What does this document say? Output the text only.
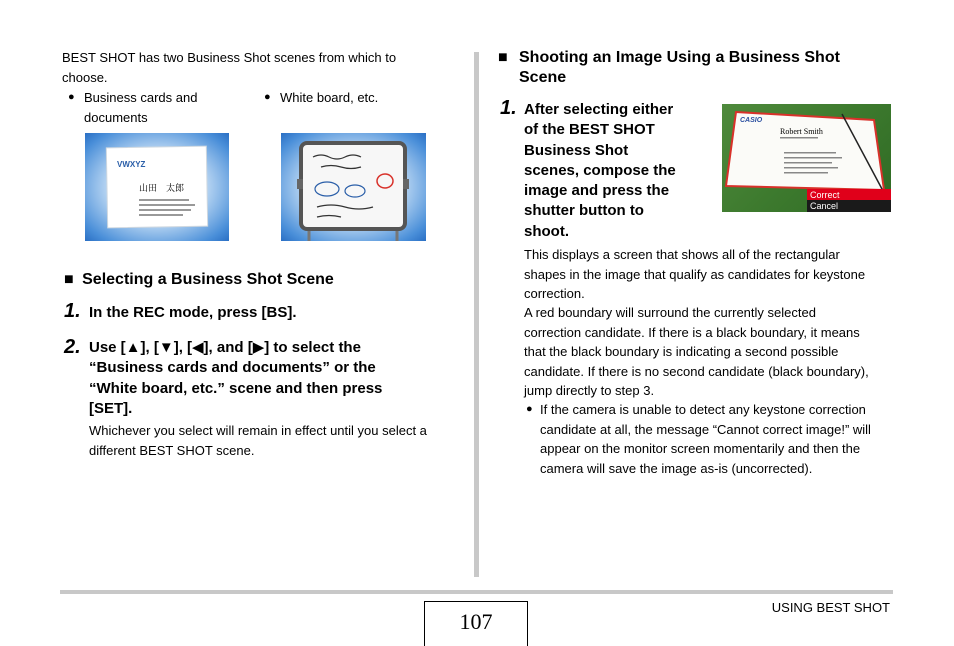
BEST SHOT has two Business Shot scenes from which to
choose.
● Business cards and
documents
● White board, etc.
VWXYZ
山田　太郎
■ Selecting a Business Shot Scene
1. In the REC mode, press [BS].
2. Use [▲], [▼], [◀], and [▶] to select the
“Business cards and documents” or the
“White board, etc.” scene and then press
[SET].
Whichever you select will remain in effect until you select a
different BEST SHOT scene.
■ Shooting an Image Using a Business Shot
Scene
1. After selecting either
of the BEST SHOT
Business Shot
scenes, compose the
image and press the
shutter button to
shoot.
CASIO
Robert Smith
Correct
Cancel
This displays a screen that shows all of the rectangular
shapes in the image that qualify as candidates for keystone
correction.
A red boundary will surround the currently selected
correction candidate. If there is a black boundary, it means
that the black boundary is indicating a second possible
candidate. If there is no second candidate (black boundary),
jump directly to step 3.
● If the camera is unable to detect any keystone correction
candidate at all, the message “Cannot correct image!” will
appear on the monitor screen momentarily and then the
camera will save the image as-is (uncorrected).
107
USING BEST SHOT
